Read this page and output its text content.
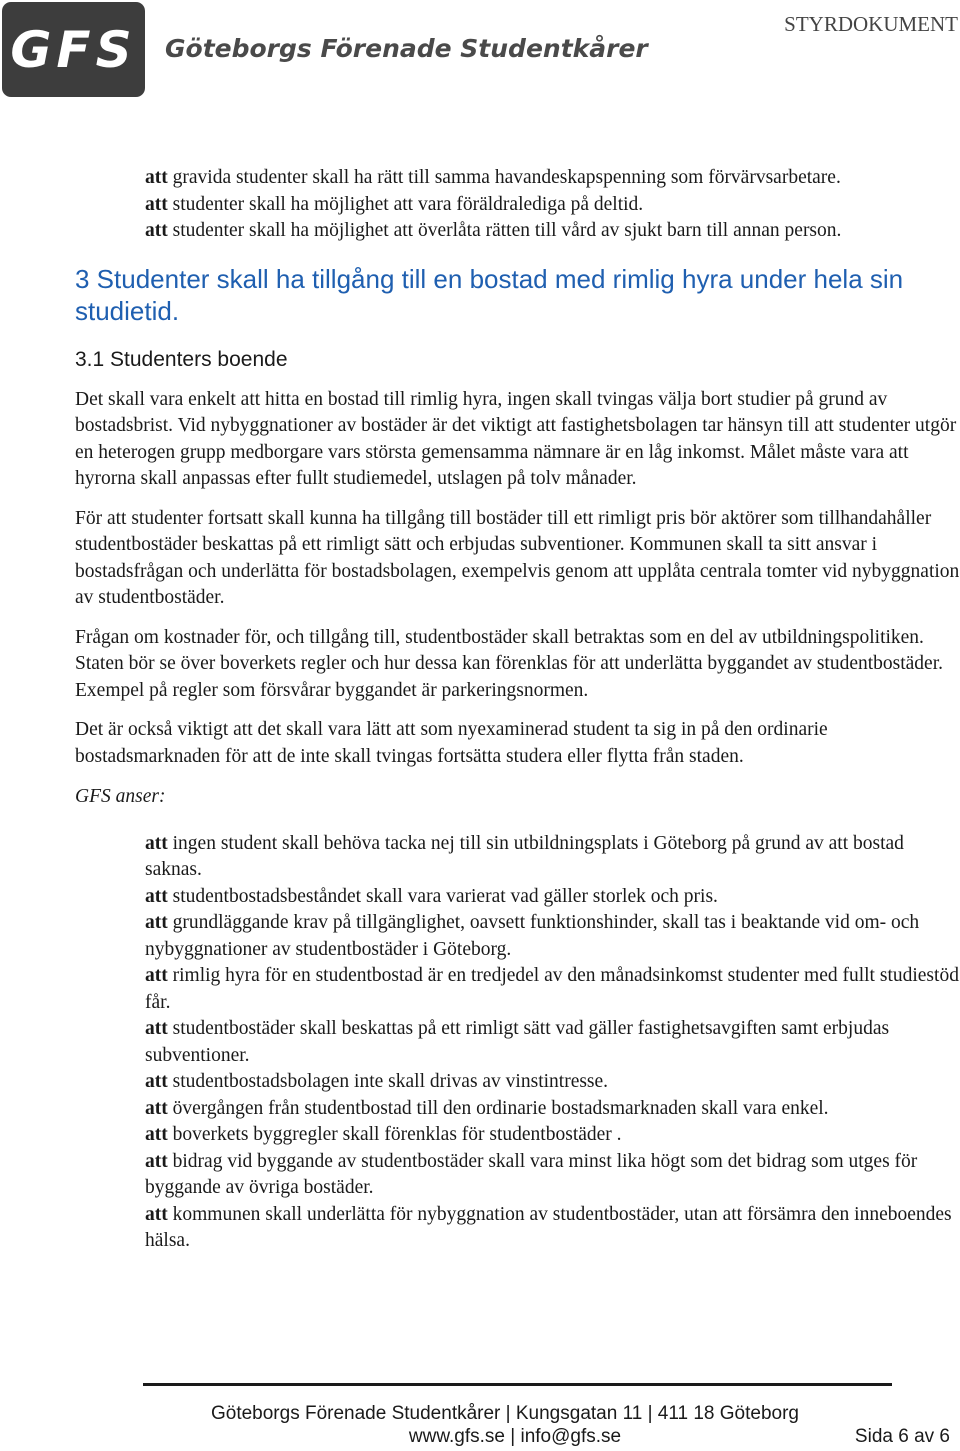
GFS Göteborgs Förenade Studentkårer
STYRDOKUMENT
att gravida studenter skall ha rätt till samma havandeskapspenning som förvärvsarbetare.
att studenter skall ha möjlighet att vara föräldralediga på deltid.
att studenter skall ha möjlighet att överlåta rätten till vård av sjukt barn till annan person.
3 Studenter skall ha tillgång till en bostad med rimlig hyra under hela sin studietid.
3.1 Studenters boende

Det skall vara enkelt att hitta en bostad till rimlig hyra, ingen skall tvingas välja bort studier på grund av bostadsbrist. Vid nybyggnationer av bostäder är det viktigt att fastighetsbolagen tar hänsyn till att studenter utgör en heterogen grupp medborgare vars största gemensamma nämnare är en låg inkomst. Målet måste vara att hyrorna skall anpassas efter fullt studiemedel, utslagen på tolv månader.

För att studenter fortsatt skall kunna ha tillgång till bostäder till ett rimligt pris bör aktörer som tillhandahåller studentbostäder beskattas på ett rimligt sätt och erbjudas subventioner. Kommunen skall ta sitt ansvar i bostadsfrågan och underlätta för bostadsbolagen, exempelvis genom att upplåta centrala tomter vid nybyggnation av studentbostäder.

Frågan om kostnader för, och tillgång till, studentbostäder skall betraktas som en del av utbildningspolitiken. Staten bör se över boverkets regler och hur dessa kan förenklas för att underlätta byggandet av studentbostäder. Exempel på regler som försvårar byggandet är parkeringsnormen.

Det är också viktigt att det skall vara lätt att som nyexaminerad student ta sig in på den ordinarie bostadsmarknaden för att de inte skall tvingas fortsätta studera eller flytta från staden.

GFS anser:

att ingen student skall behöva tacka nej till sin utbildningsplats i Göteborg på grund av att bostad saknas.
att studentbostadsbeståndet skall vara varierat vad gäller storlek och pris.
att grundläggande krav på tillgänglighet, oavsett funktionshinder, skall tas i beaktande vid om- och nybyggnationer av studentbostäder i Göteborg.
att rimlig hyra för en studentbostad är en tredjedel av den månadsinkomst studenter med fullt studiestöd får.
att studentbostäder skall beskattas på ett rimligt sätt vad gäller fastighetsavgiften samt erbjudas subventioner.
att studentbostadsbolagen inte skall drivas av vinstintresse.
att övergången från studentbostad till den ordinarie bostadsmarknaden skall vara enkel.
att boverkets byggregler skall förenklas för studentbostäder .
att bidrag vid byggande av studentbostäder skall vara minst lika högt som det bidrag som utges för byggande av övriga bostäder.
att kommunen skall underlätta för nybyggnation av studentbostäder, utan att försämra den inneboendes hälsa.
Göteborgs Förenade Studentkårer | Kungsgatan 11 | 411 18 Göteborg
www.gfs.se | info@gfs.se	Sida 6 av 6
